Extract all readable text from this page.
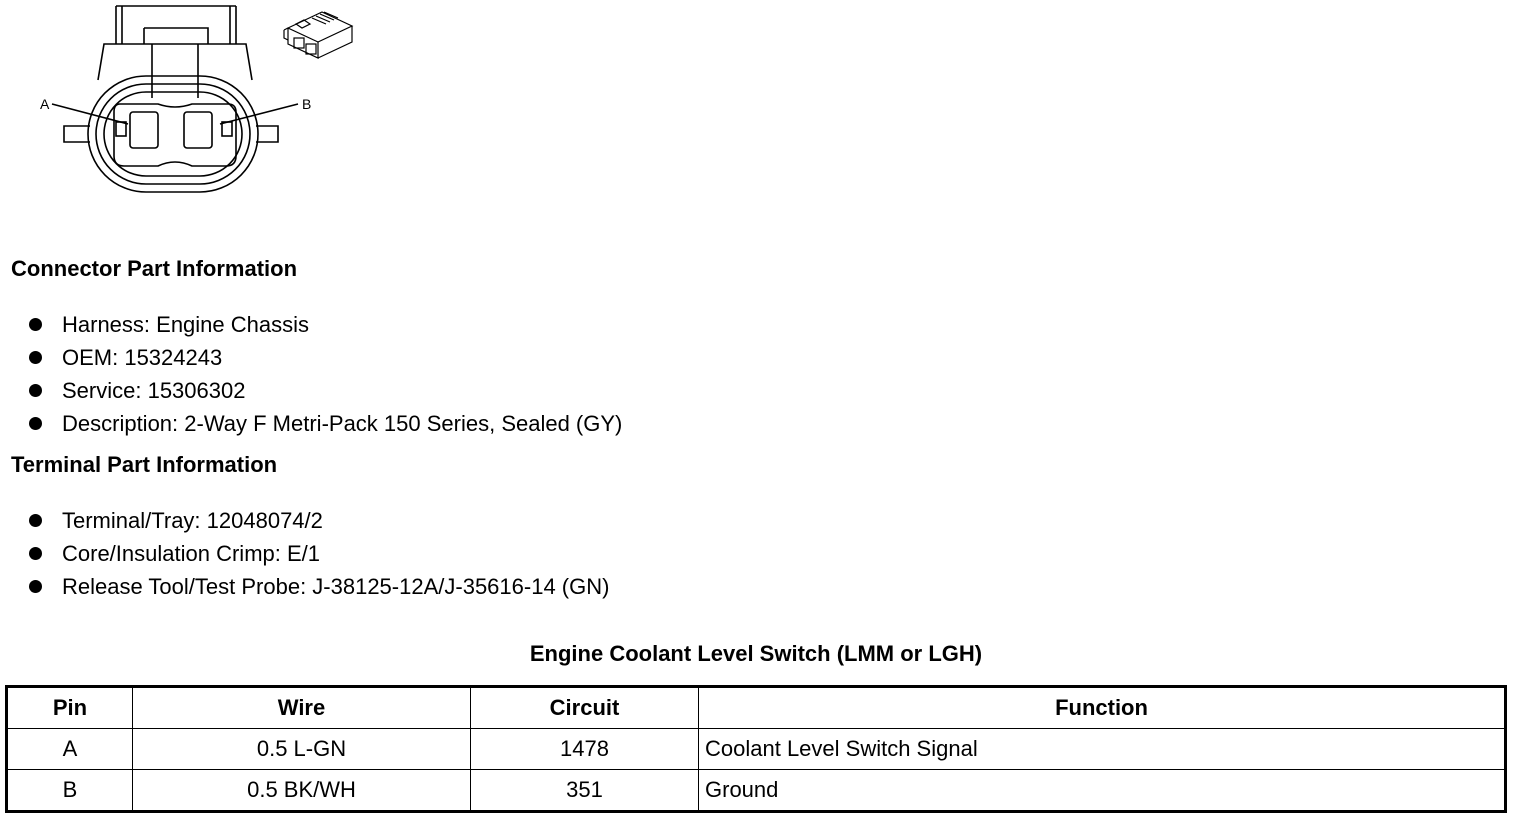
A	B
Connector Part Information
Harness: Engine Chassis
OEM: 15324243
Service: 15306302
Description: 2-Way F Metri-Pack 150 Series, Sealed (GY)
Terminal Part Information
Terminal/Tray: 12048074/2
Core/Insulation Crimp: E/1
Release Tool/Test Probe: J-38125-12A/J-35616-14 (GN)
Engine Coolant Level Switch (LMM or LGH)
Pin	Wire	Circuit	Function
A	0.5 L-GN	1478	Coolant Level Switch Signal
B	0.5 BK/WH	351	Ground
